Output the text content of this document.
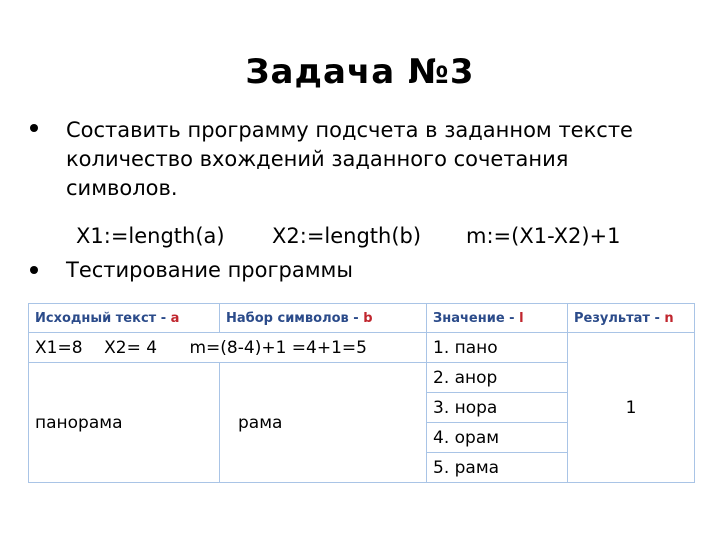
Задача №3
Составить программу подсчета в заданном тексте количество вхождений заданного сочетания символов.
X1:=length(a) X2:=length(b) m:=(X1-X2)+1
Тестирование программы
Исходный текст - a	Набор символов - b	Значение - l	Результат - n
X1=8    X2= 4      m=(8-4)+1 =4+1=5		1. пано	1
панорама	рама	2. анор	
		3. нора	
		4. орам	
		5. рама	
